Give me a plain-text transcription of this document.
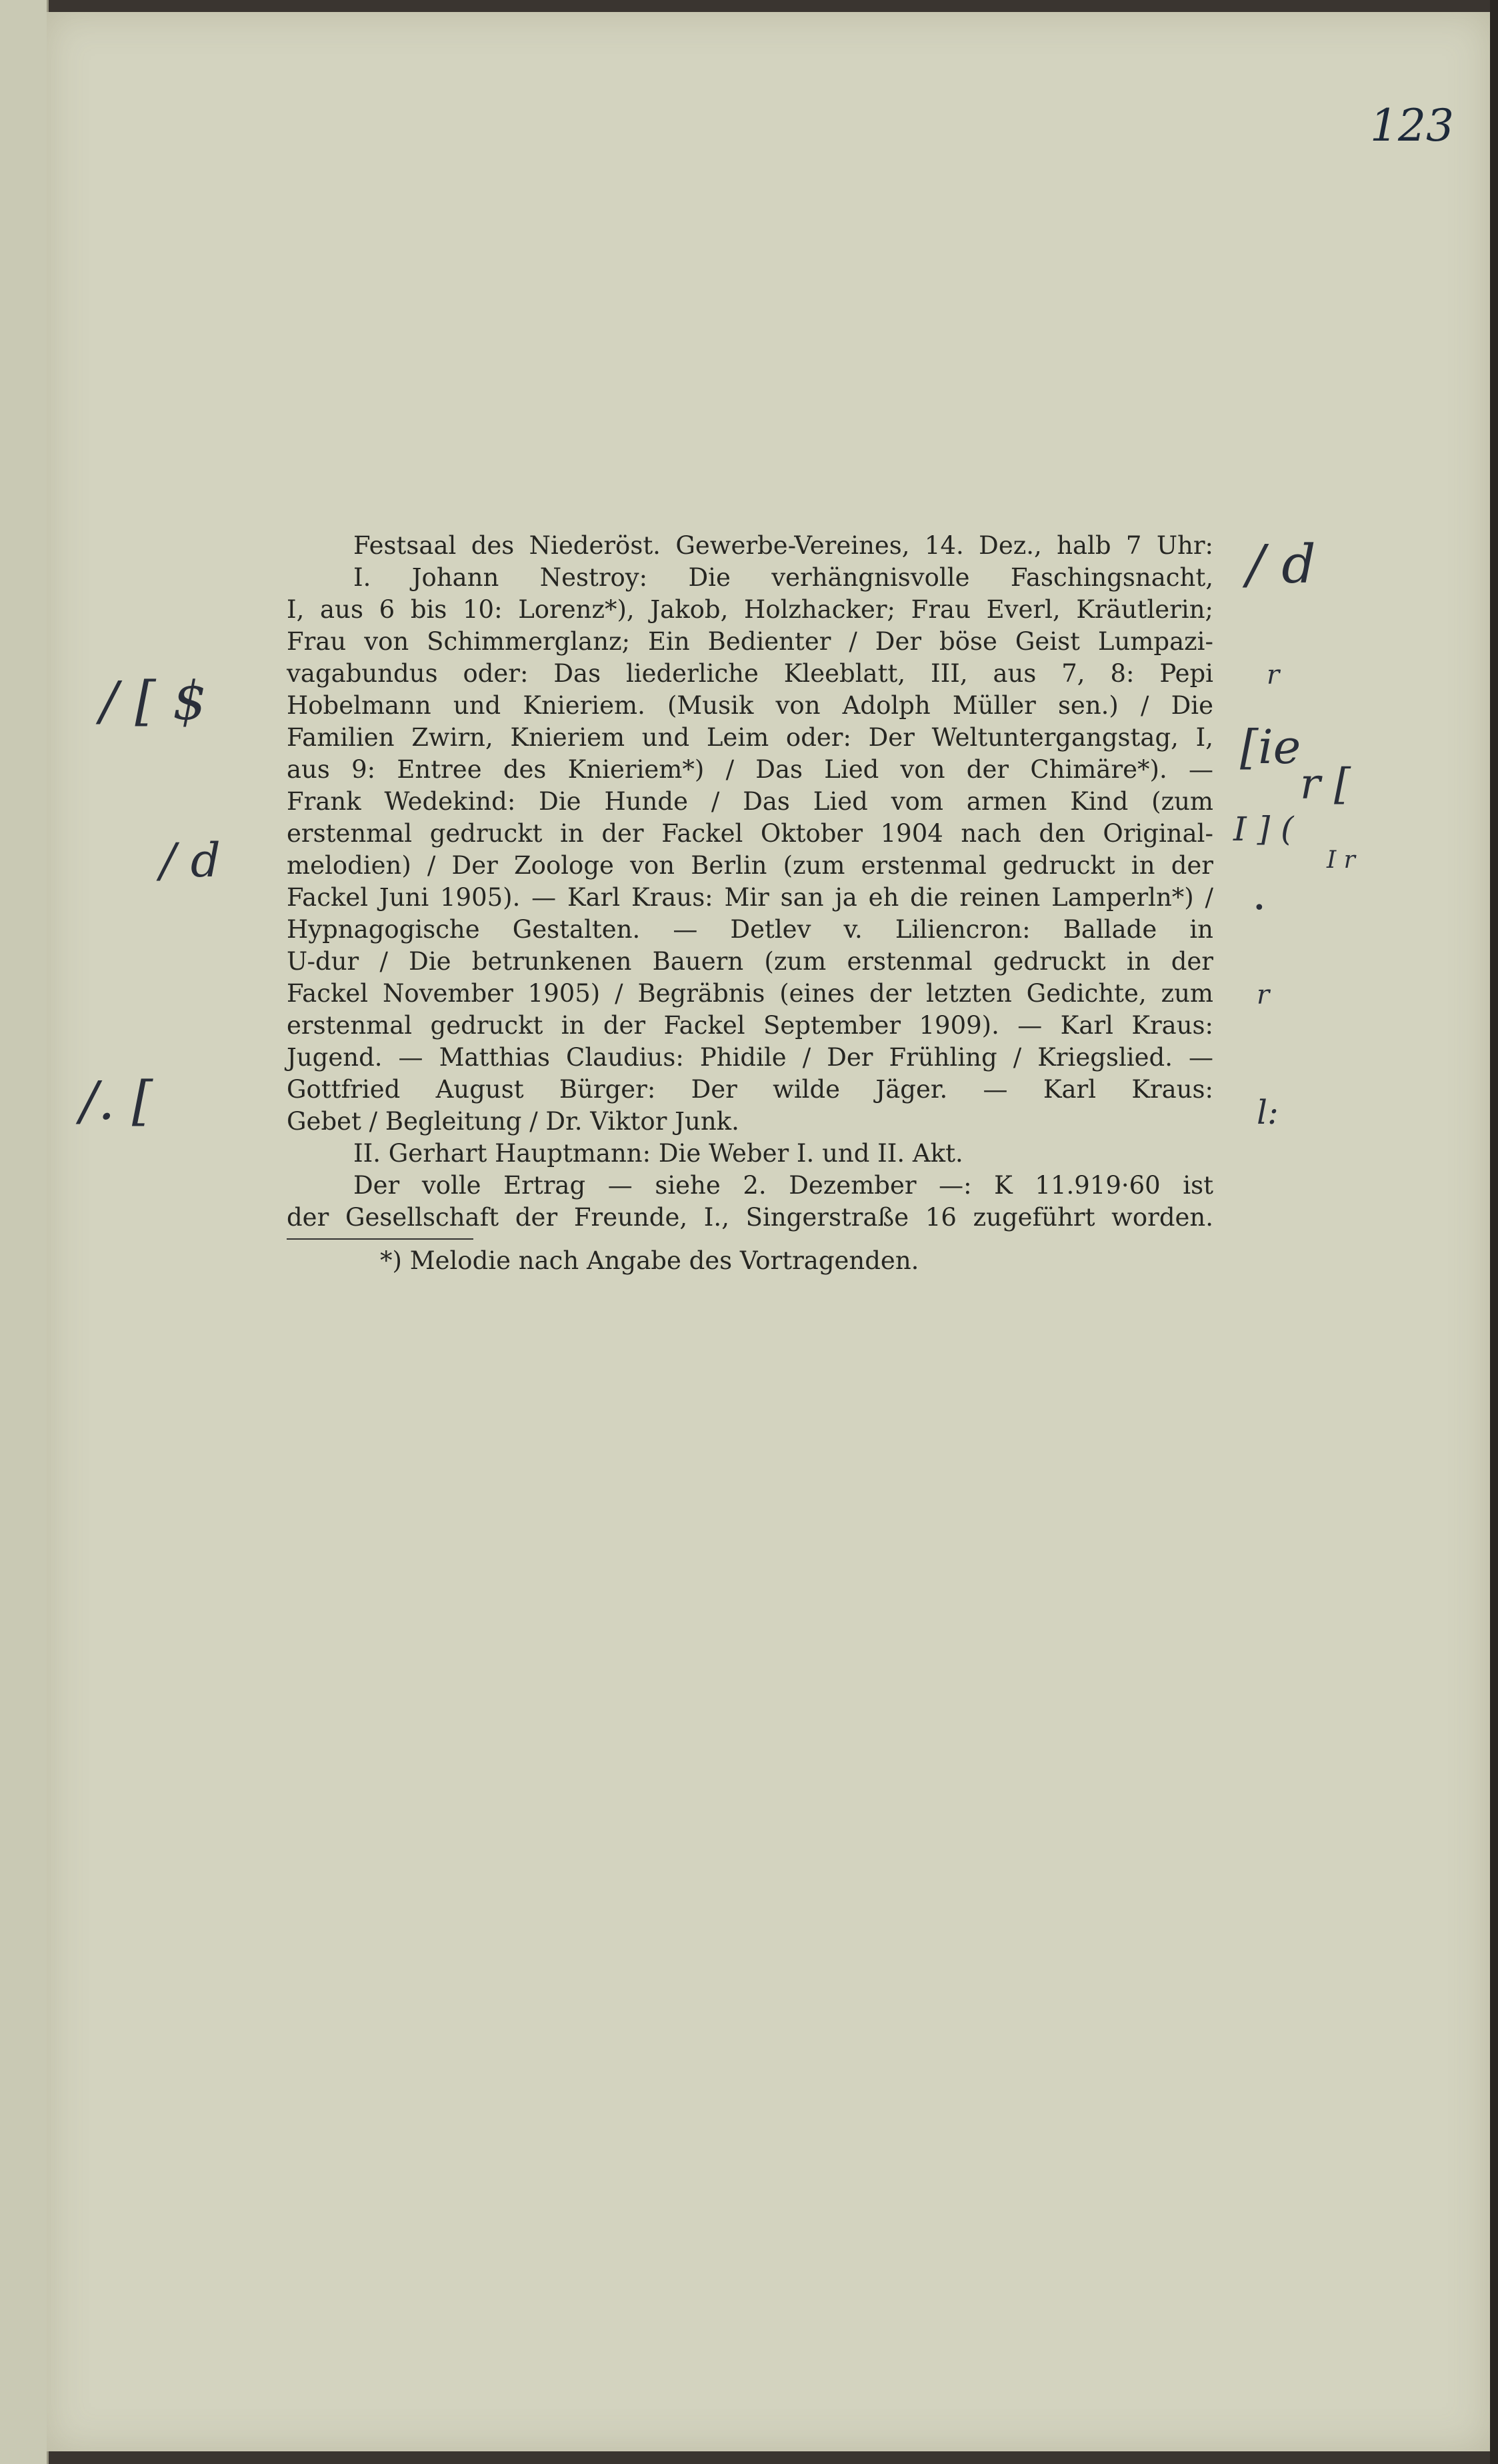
123
Festsaal des Niederöst. Gewerbe-Vereines, 14. Dez., halb 7 Uhr:
I. Johann Nestroy: Die verhängnisvolle Faschingsnacht,
I, aus 6 bis 10: Lorenz*), Jakob, Holzhacker; Frau Everl, Kräutlerin;
Frau von Schimmerglanz; Ein Bedienter / Der böse Geist Lumpazi-
vagabundus oder: Das liederliche Kleeblatt, III, aus 7, 8: Pepi
Hobelmann und Knieriem. (Musik von Adolph Müller sen.) / Die
Familien Zwirn, Knieriem und Leim oder: Der Weltuntergangstag, I,
aus 9: Entree des Knieriem*) / Das Lied von der Chimäre*). —
Frank Wedekind: Die Hunde / Das Lied vom armen Kind (zum
erstenmal gedruckt in der Fackel Oktober 1904 nach den Original-
melodien) / Der Zoologe von Berlin (zum erstenmal gedruckt in der
Fackel Juni 1905). — Karl Kraus: Mir san ja eh die reinen Lamperln*) /
Hypnagogische Gestalten. — Detlev v. Liliencron: Ballade in
U-dur / Die betrunkenen Bauern (zum erstenmal gedruckt in der
Fackel November 1905) / Begräbnis (eines der letzten Gedichte, zum
erstenmal gedruckt in der Fackel September 1909). — Karl Kraus:
Jugend. — Matthias Claudius: Phidile / Der Frühling / Kriegslied. —
Gottfried August Bürger: Der wilde Jäger. — Karl Kraus:
Gebet / Begleitung / Dr. Viktor Junk.
II. Gerhart Hauptmann: Die Weber I. und II. Akt.
Der volle Ertrag — siehe 2. Dezember —: K 11.919·60 ist
der Gesellschaft der Freunde, I., Singerstraße 16 zugeführt worden.
*) Melodie nach Angabe des Vortragenden.
/ d
r
[ie
r [
I ] (
I r
•
r
l:
/ [ $
/ d
/. [
